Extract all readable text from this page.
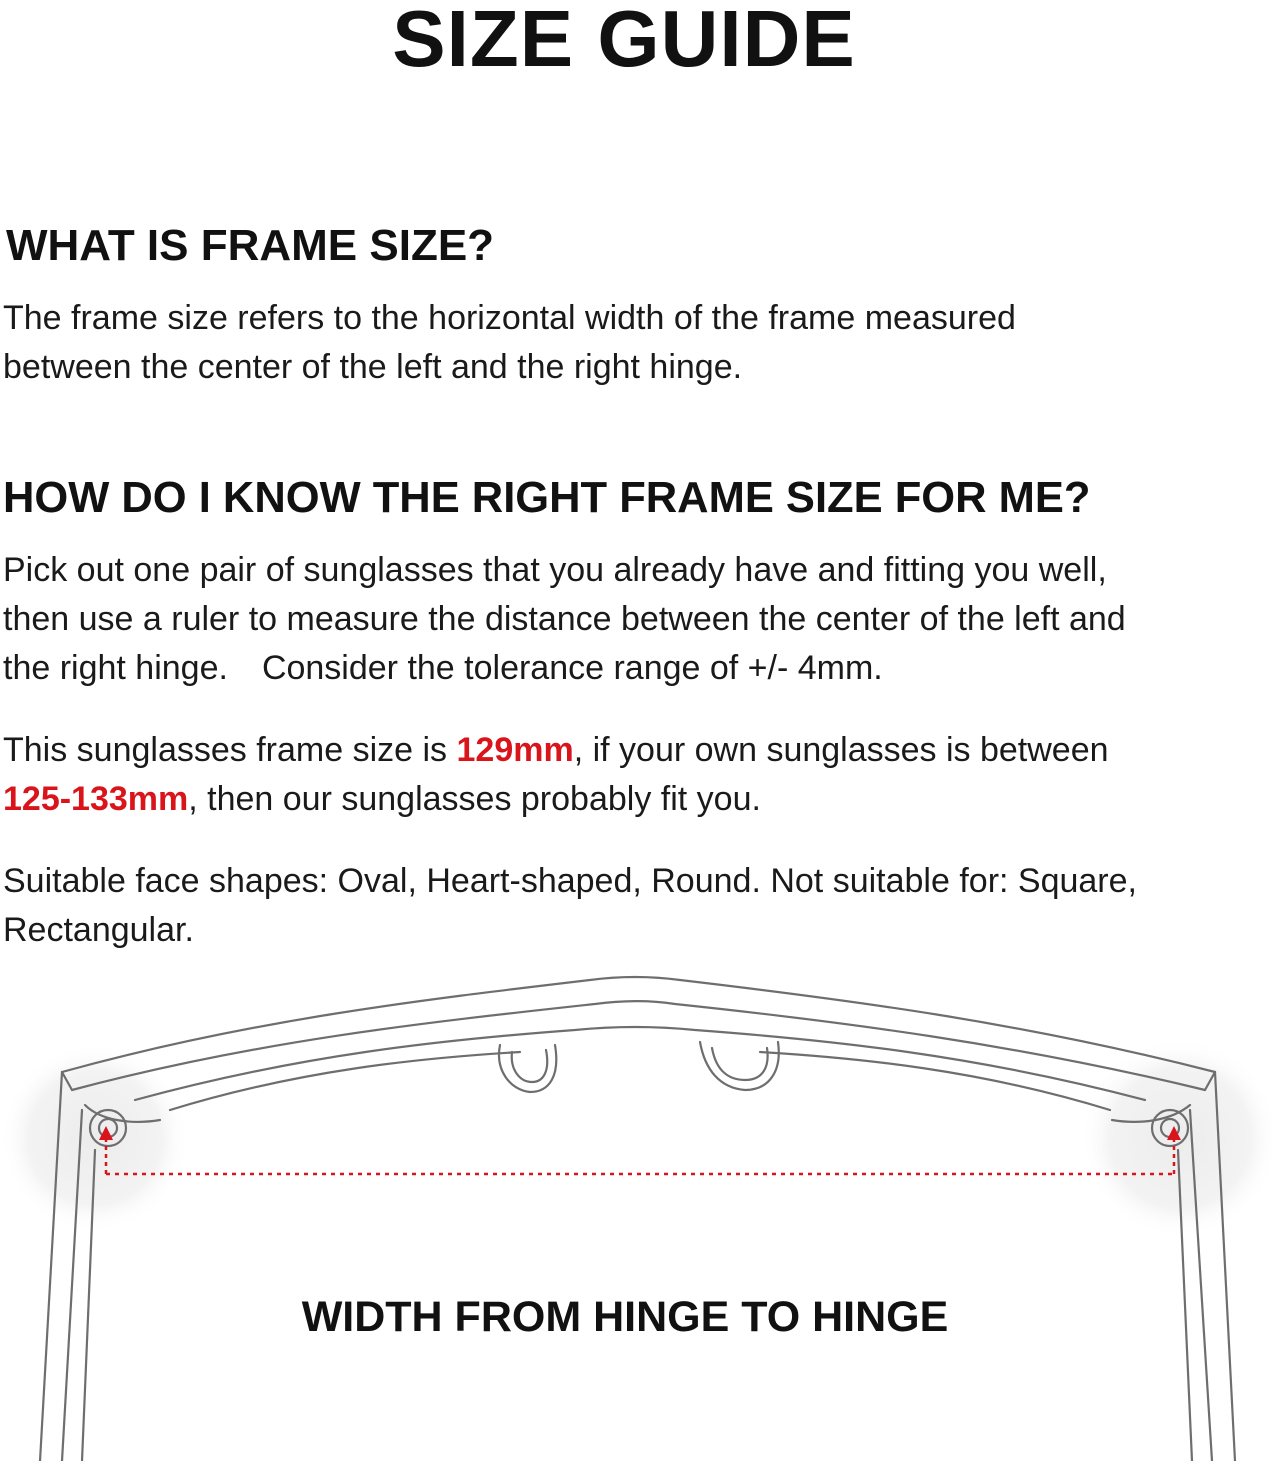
SIZE GUIDE
WHAT IS FRAME SIZE?

The frame size refers to the horizontal width of the frame measured
between the center of the left and the right hinge.

HOW DO I KNOW THE RIGHT FRAME SIZE FOR ME?

Pick out one pair of sunglasses that you already have and fitting you well,
then use a ruler to measure the distance between the center of the left and
the right hinge. Consider the tolerance range of +/- 4mm.

This sunglasses frame size is 129mm, if your own sunglasses is between
125-133mm, then our sunglasses probably fit you.

Suitable face shapes: Oval, Heart-shaped, Round. Not suitable for: Square,
Rectangular.

WIDTH FROM HINGE TO HINGE
